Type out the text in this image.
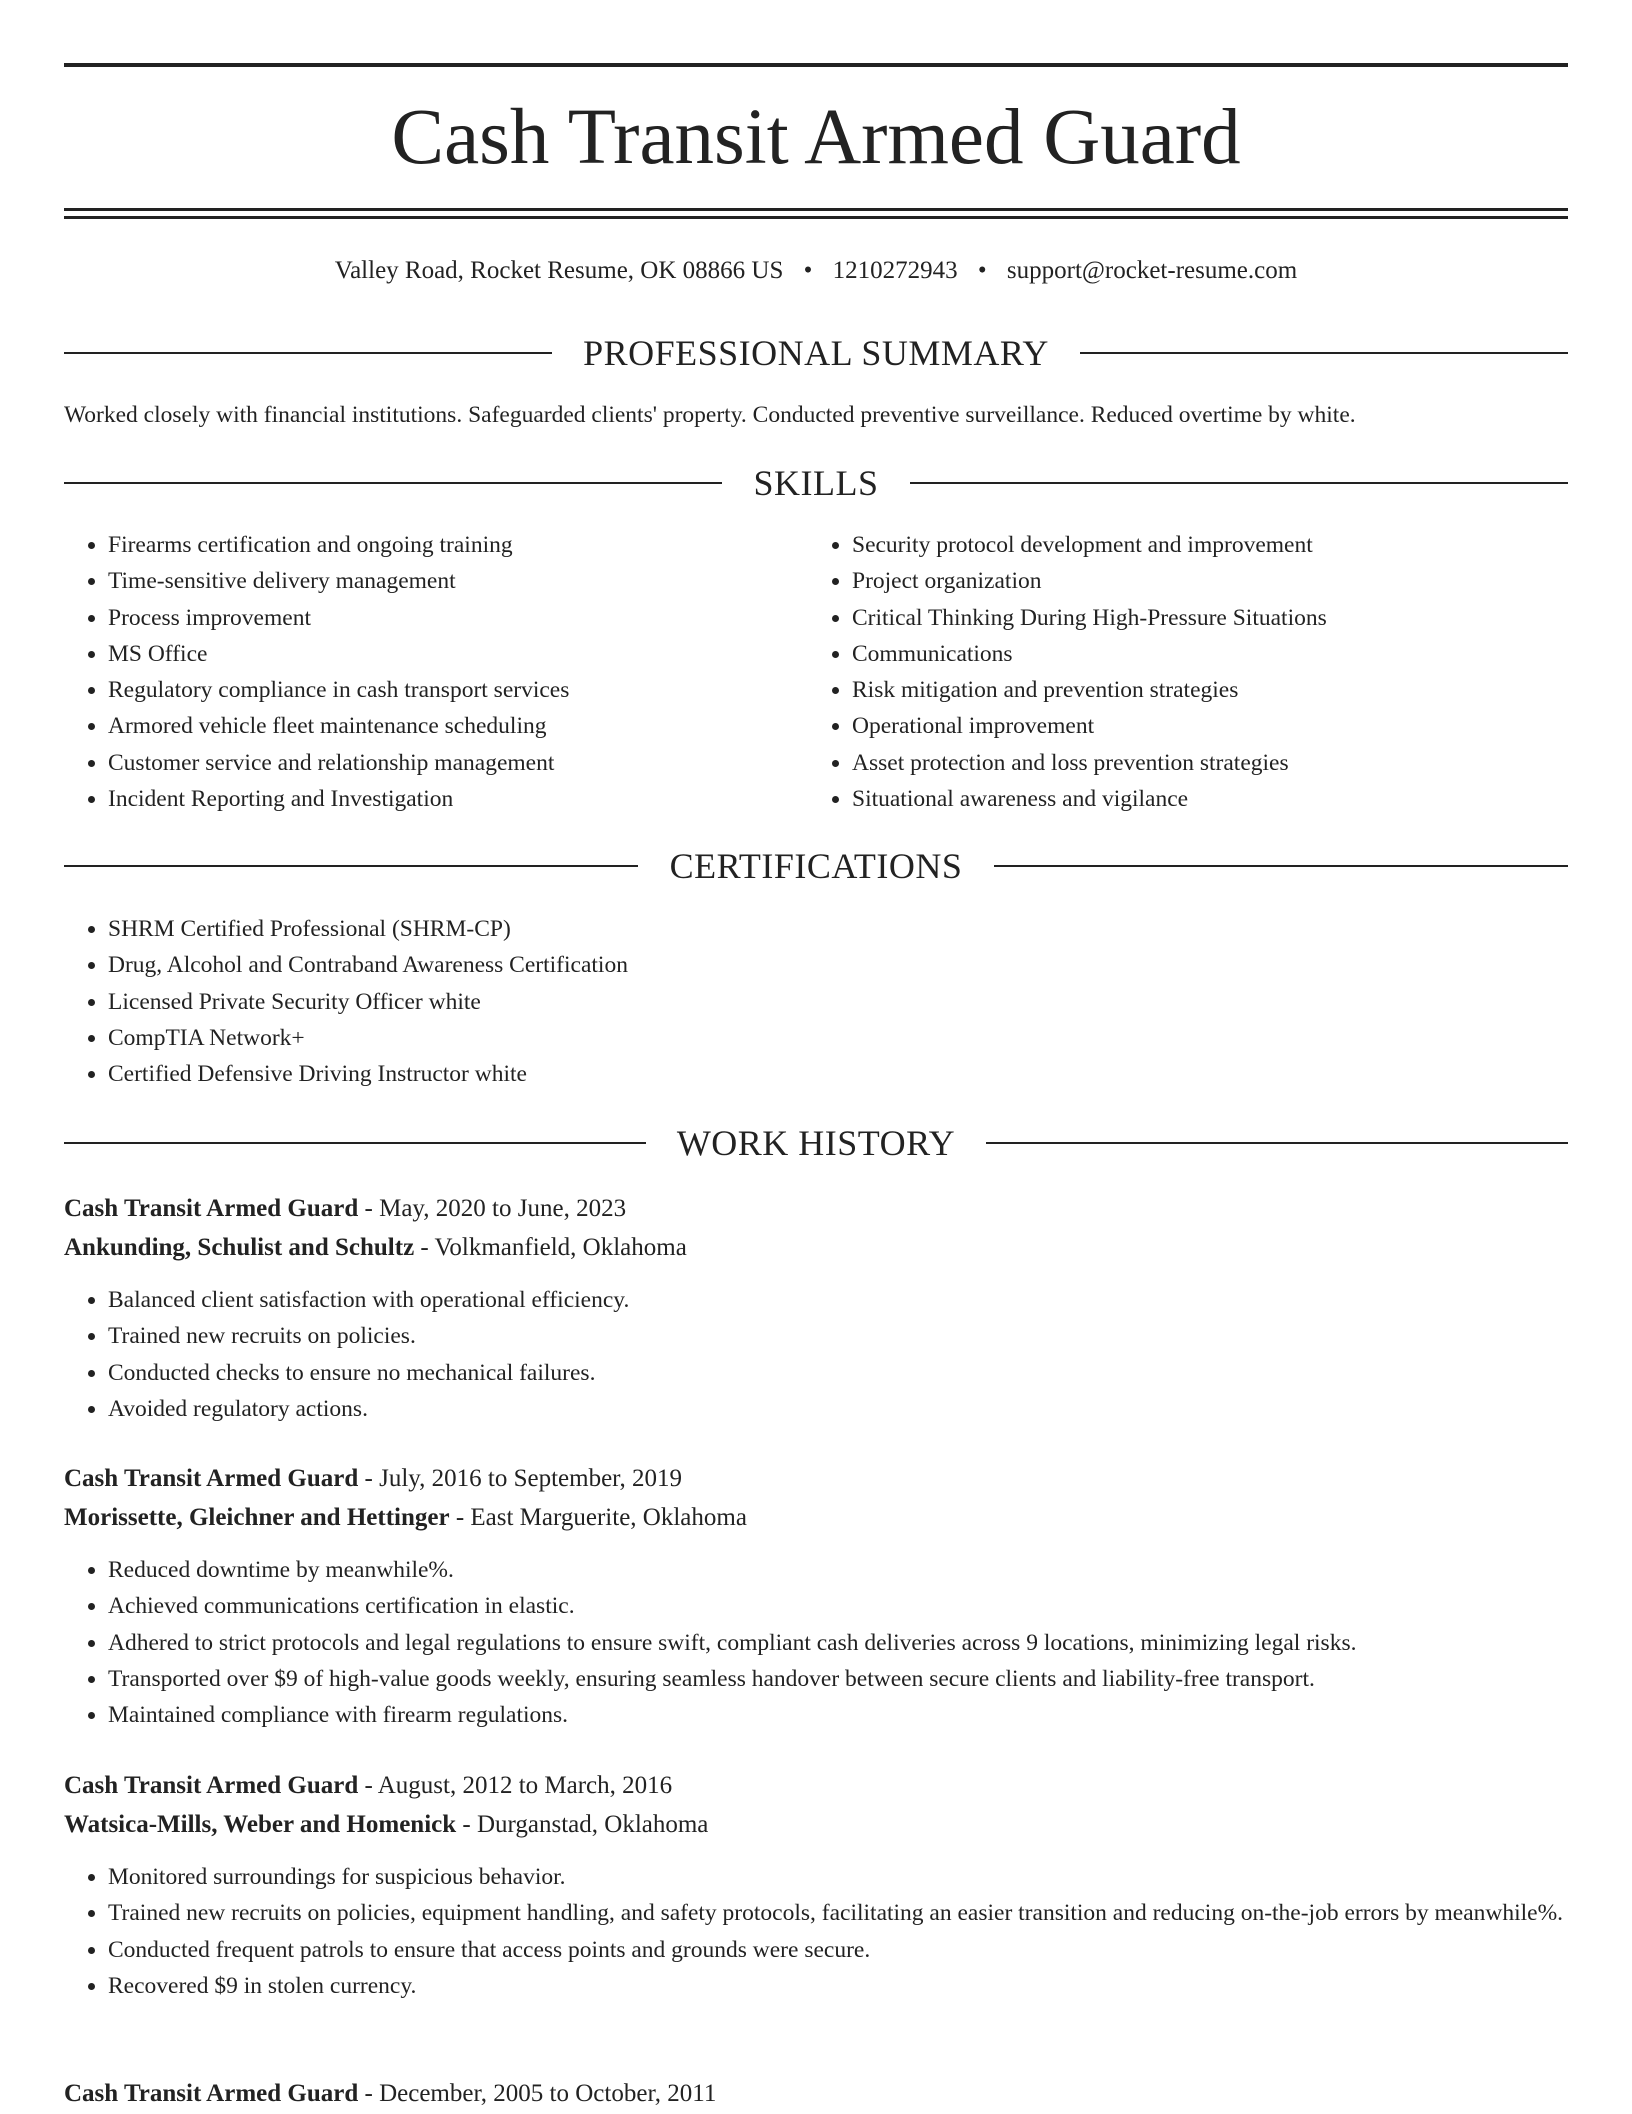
Cash Transit Armed Guard
Valley Road, Rocket Resume, OK 08866 US • 1210272943 • support@rocket-resume.com
PROFESSIONAL SUMMARY
Worked closely with financial institutions. Safeguarded clients' property. Conducted preventive surveillance. Reduced overtime by white.
SKILLS
• Firearms certification and ongoing training
• Time-sensitive delivery management
• Process improvement
• MS Office
• Regulatory compliance in cash transport services
• Armored vehicle fleet maintenance scheduling
• Customer service and relationship management
• Incident Reporting and Investigation
• Security protocol development and improvement
• Project organization
• Critical Thinking During High-Pressure Situations
• Communications
• Risk mitigation and prevention strategies
• Operational improvement
• Asset protection and loss prevention strategies
• Situational awareness and vigilance
CERTIFICATIONS
• SHRM Certified Professional (SHRM-CP)
• Drug, Alcohol and Contraband Awareness Certification
• Licensed Private Security Officer white
• CompTIA Network+
• Certified Defensive Driving Instructor white
WORK HISTORY
Cash Transit Armed Guard - May, 2020 to June, 2023
Ankunding, Schulist and Schultz - Volkmanfield, Oklahoma
• Balanced client satisfaction with operational efficiency.
• Trained new recruits on policies.
• Conducted checks to ensure no mechanical failures.
• Avoided regulatory actions.
Cash Transit Armed Guard - July, 2016 to September, 2019
Morissette, Gleichner and Hettinger - East Marguerite, Oklahoma
• Reduced downtime by meanwhile%.
• Achieved communications certification in elastic.
• Adhered to strict protocols and legal regulations to ensure swift, compliant cash deliveries across 9 locations, minimizing legal risks.
• Transported over $9 of high-value goods weekly, ensuring seamless handover between secure clients and liability-free transport.
• Maintained compliance with firearm regulations.
Cash Transit Armed Guard - August, 2012 to March, 2016
Watsica-Mills, Weber and Homenick - Durganstad, Oklahoma
• Monitored surroundings for suspicious behavior.
• Trained new recruits on policies, equipment handling, and safety protocols, facilitating an easier transition and reducing on-the-job errors by meanwhile%.
• Conducted frequent patrols to ensure that access points and grounds were secure.
• Recovered $9 in stolen currency.
Cash Transit Armed Guard - December, 2005 to October, 2011
